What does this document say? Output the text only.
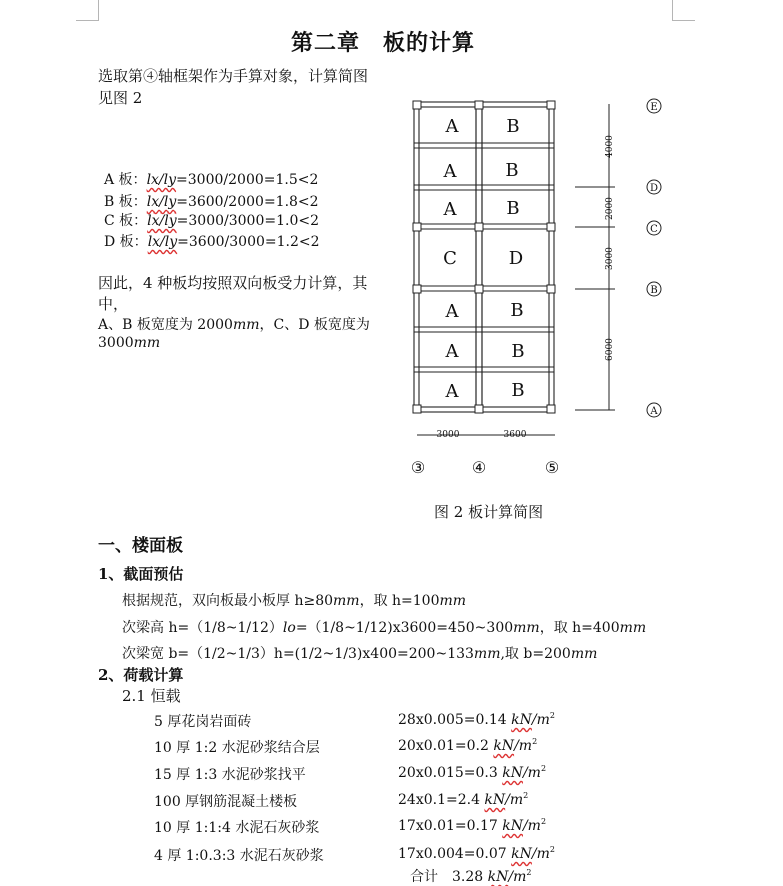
第二章　板的计算
选取第④轴框架作为手算对象，计算简图
见图 2
A 板：lx/ly=3000/2000=1.5<2
B 板：lx/ly=3600/2000=1.8<2
C 板：lx/ly=3000/3000=1.0<2
D 板：lx/ly=3600/3000=1.2<2
因此，4 种板均按照双向板受力计算，其
中，
A、B 板宽度为 2000mm，C、D 板宽度为
3000mm
A	B
A	B
A	B
C	D
A	B
A	B
A	B
4000
2000
3000
6000
E
D
C
B
A
3000	3600
③	④	⑤
图 2 板计算简图
一、楼面板
1、截面预估
根据规范，双向板最小板厚 h≥80mm，取 h=100mm
次梁高 h=（1/8~1/12）lo=（1/8~1/12)x3600=450~300mm，取 h=400mm
次梁宽 b=（1/2~1/3）h=(1/2~1/3)x400=200~133mm,取 b=200mm
2、荷载计算
2.1 恒载
5 厚花岗岩面砖	28x0.005=0.14 $kN/m^2$
10 厚 1:2 水泥砂浆结合层	20x0.01=0.2 $kN/m^2$
15 厚 1:3 水泥砂浆找平	20x0.015=0.3 $kN/m^2$
100 厚钢筋混凝土楼板	24x0.1=2.4 $kN/m^2$
10 厚 1:1:4 水泥石灰砂浆	17x0.01=0.17 $kN/m^2$
4 厚 1:0.3:3 水泥石灰砂浆	17x0.004=0.07 $kN/m^2$
合计　3.28 $kN/m^2$
